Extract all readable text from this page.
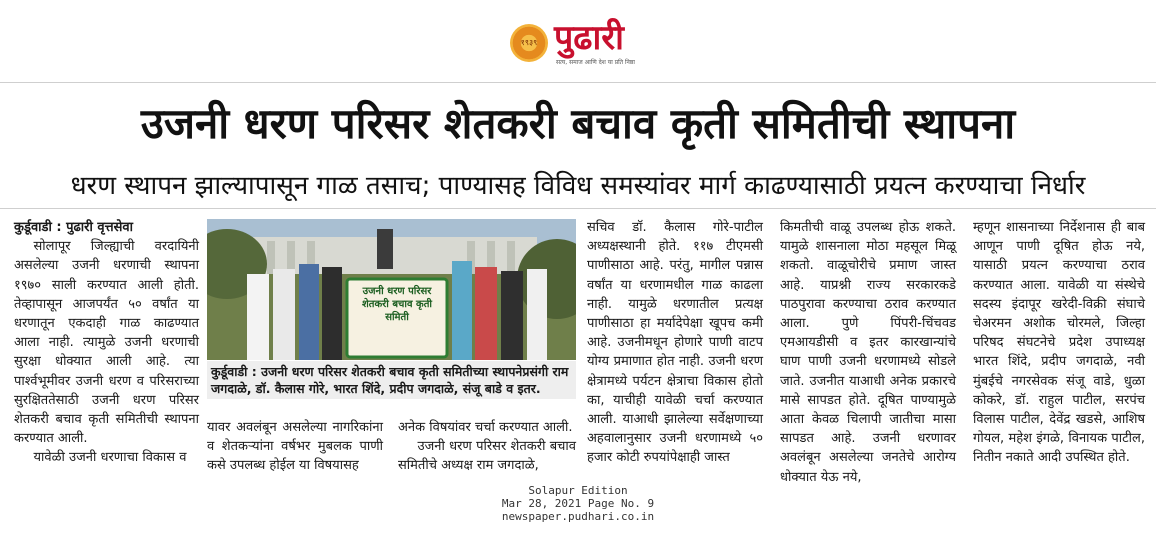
१९३९ पुढारी
सत्य, समाज आणि देश या प्रति निष्ठा
उजनी धरण परिसर शेतकरी बचाव कृती समितीची स्थापना
धरण स्थापन झाल्यापासून गाळ तसाच; पाण्यासह विविध समस्यांवर मार्ग काढण्यासाठी प्रयत्न करण्याचा निर्धार

कुर्डूवाडी : पुढारी वृत्तसेवा

सोलापूर जिल्ह्याची वरदायिनी असलेल्या उजनी धरणाची स्थापना १९७० साली करण्यात आली होती. तेव्हापासून आजपर्यंत ५० वर्षांत या धरणातून एकदाही गाळ काढण्यात आला नाही. त्यामुळे उजनी धरणाची सुरक्षा धोक्यात आली आहे. त्या पार्श्वभूमीवर उजनी धरण व परिसराच्या सुरक्षिततेसाठी उजनी धरण परिसर शेतकरी बचाव कृती समितीची स्थापना करण्यात आली.

यावेळी उजनी धरणाचा विकास व

उजनी धरण परिसर
शेतकरी बचाव कृती समिती
कुर्डूवाडी : उजनी धरण परिसर शेतकरी बचाव कृती समितीच्या स्थापनेप्रसंगी राम जगदाळे, डॉ. कैलास गोरे, भारत शिंदे, प्रदीप जगदाळे, संजू बाडे व इतर.

यावर अवलंबून असलेल्या नागरिकांना व शेतकऱ्यांना वर्षभर मुबलक पाणी कसे उपलब्ध होईल या विषयासह

अनेक विषयांवर चर्चा करण्यात आली.

उजनी धरण परिसर शेतकरी बचाव समितीचे अध्यक्ष राम जगदाळे,

सचिव डॉ. कैलास गोरे-पाटील अध्यक्षस्थानी होते. ११७ टीएमसी पाणीसाठा आहे. परंतु, मागील पन्नास वर्षांत या धरणामधील गाळ काढला नाही. यामुळे धरणातील प्रत्यक्ष पाणीसाठा हा मर्यादेपेक्षा खूपच कमी आहे. उजनीमधून होणारे पाणी वाटप योग्य प्रमाणात होत नाही. उजनी धरण क्षेत्रामध्ये पर्यटन क्षेत्राचा विकास होतो का, याचीही यावेळी चर्चा करण्यात आली. याआधी झालेल्या सर्वेक्षणाच्या अहवालानुसार उजनी धरणामध्ये ५० हजार कोटी रुपयांपेक्षाही जास्त

किमतीची वाळू उपलब्ध होऊ शकते. यामुळे शासनाला मोठा महसूल मिळू शकतो. वाळूचोरीचे प्रमाण जास्त आहे. याप्रश्नी राज्य सरकारकडे पाठपुरावा करण्याचा ठराव करण्यात आला. पुणे पिंपरी-चिंचवड एमआयडीसी व इतर कारखान्यांचे घाण पाणी उजनी धरणामध्ये सोडले जाते. उजनीत याआधी अनेक प्रकारचे मासे सापडत होते. दूषित पाण्यामुळे आता केवळ चिलापी जातीचा मासा सापडत आहे. उजनी धरणावर अवलंबून असलेल्या जनतेचे आरोग्य धोक्यात येऊ नये,

म्हणून शासनाच्या निर्देशनास ही बाब आणून पाणी दूषित होऊ नये, यासाठी प्रयत्न करण्याचा ठराव करण्यात आला. यावेळी या संस्थेचे सदस्य इंदापूर खरेदी-विक्री संघाचे चेअरमन अशोक चोरमले, जिल्हा परिषद संघटनेचे प्रदेश उपाध्यक्ष भारत शिंदे, प्रदीप जगदाळे, नवी मुंबईचे नगरसेवक संजू वाडे, धुळा कोकरे, डॉ. राहुल पाटील, सरपंच विलास पाटील, देवेंद्र खडसे, आशिष गोयल, महेश इंगळे, विनायक पाटील, नितीन नकाते आदी उपस्थित होते.

Solapur Edition
Mar 28, 2021 Page No. 9
newspaper.pudhari.co.in
